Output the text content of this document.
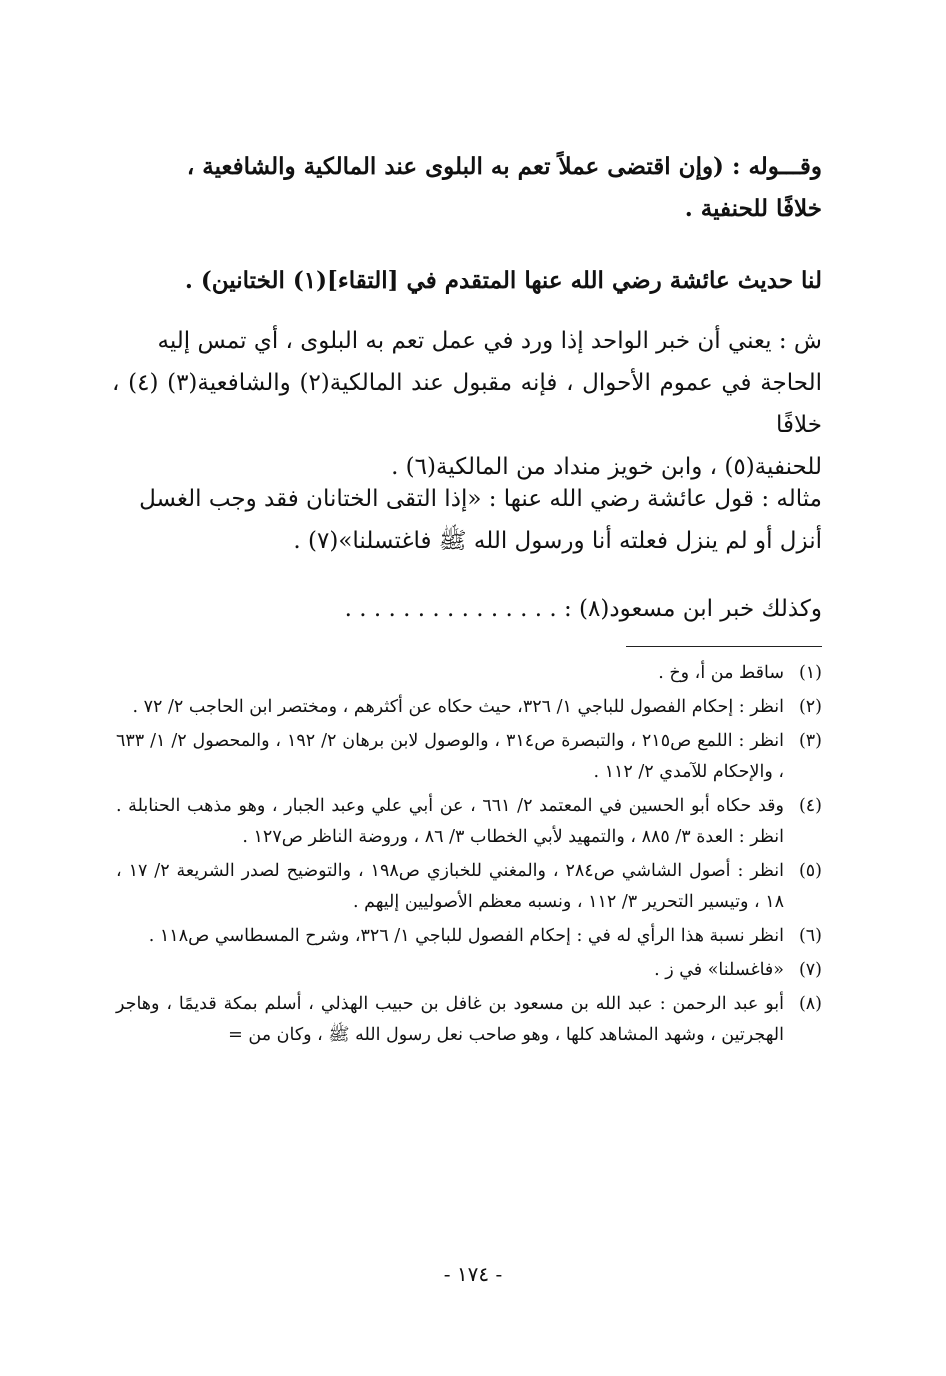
وقـــوله : (وإن اقتضى عملاً تعم به البلوى عند المالكية والشافعية ،

خلافًا للحنفية .

لنا حديث عائشة رضي الله عنها المتقدم في [التقاء](١) الختانين) .

ش : يعني أن خبر الواحد إذا ورد في عمل تعم به البلوى ، أي تمس إليه

الحاجة في عموم الأحوال ، فإنه مقبول عند المالكية(٢) والشافعية(٣) (٤) ، خلافًا

للحنفية(٥) ، وابن خويز منداد من المالكية(٦) .

مثاله : قول عائشة رضي الله عنها : «إذا التقى الختانان فقد وجب الغسل

أنزل أو لم ينزل فعلته أنا ورسول الله ﷺ فاغتسلنا»(٧) .

وكذلك خبر ابن مسعود(٨) : . . . . . . . . . . . . . . .

(١)
ساقط من أ، وخ .
(٢)
انظر : إحكام الفصول للباجي ١/ ٣٢٦، حيث حكاه عن أكثرهم ، ومختصر ابن الحاجب ٢/ ٧٢ .
(٣)
انظر : اللمع ص٢١٥ ، والتبصرة ص٣١٤ ، والوصول لابن برهان ٢/ ١٩٢ ، والمحصول ٢/ ١/ ٦٣٣ ، والإحكام للآمدي ٢/ ١١٢ .
(٤)
وقد حكاه أبو الحسين في المعتمد ٢/ ٦٦١ ، عن أبي علي وعبد الجبار ، وهو مذهب الحنابلة . انظر : العدة ٣/ ٨٨٥ ، والتمهيد لأبي الخطاب ٣/ ٨٦ ، وروضة الناظر ص١٢٧ .
(٥)
انظر : أصول الشاشي ص٢٨٤ ، والمغني للخبازي ص١٩٨ ، والتوضيح لصدر الشريعة ٢/ ١٧ ، ١٨ ، وتيسير التحرير ٣/ ١١٢ ، ونسبه معظم الأصوليين إليهم .
(٦)
انظر نسبة هذا الرأي له في : إحكام الفصول للباجي ١/ ٣٢٦، وشرح المسطاسي ص١١٨ .
(٧)
«فاغسلنا» في ز .
(٨)
أبو عبد الرحمن : عبد الله بن مسعود بن غافل بن حبيب الهذلي ، أسلم بمكة قديمًا ، وهاجر الهجرتين ، وشهد المشاهد كلها ، وهو صاحب نعل رسول الله ﷺ ، وكان من =
- ١٧٤ -
